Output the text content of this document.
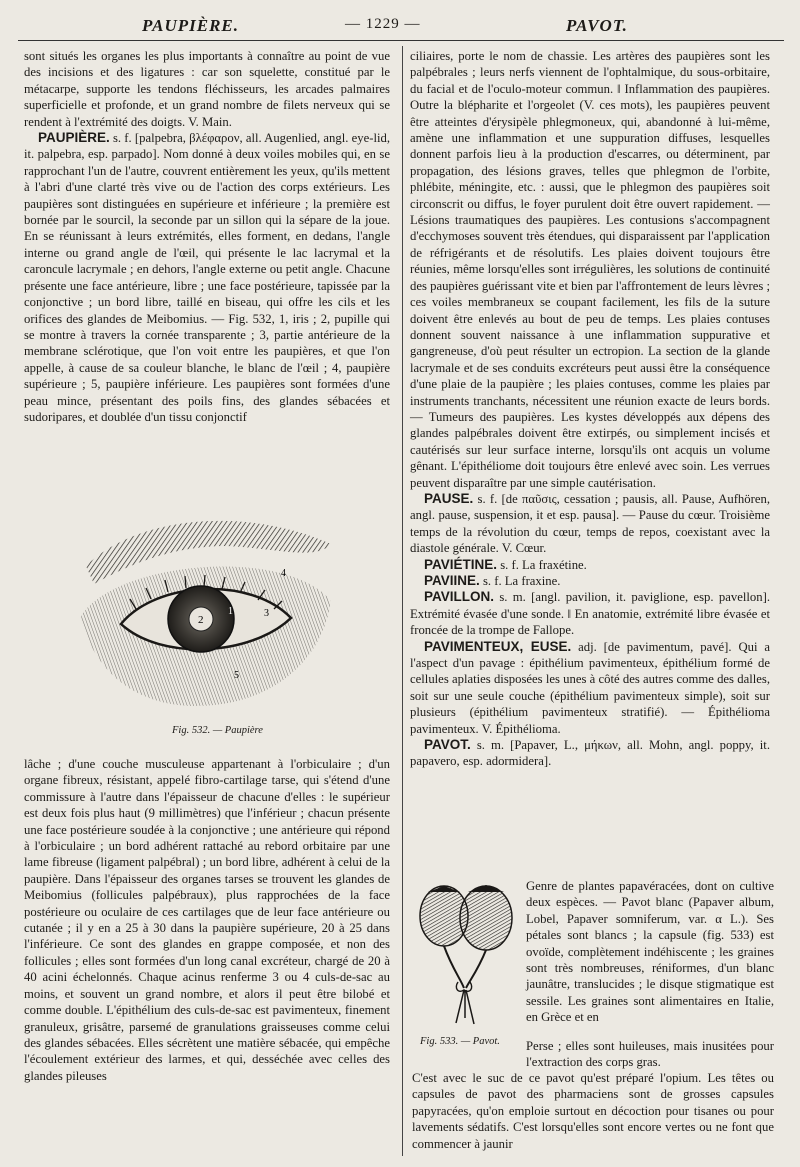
PAUPIÈRE.	— 1229 —	PAVOT.

sont situés les organes les plus importants à connaître au point de vue des incisions et des ligatures : car son squelette, constitué par le métacarpe, supporte les tendons fléchisseurs, les arcades palmaires superficielle et profonde, et un grand nombre de filets nerveux qui se rendent à l'extrémité des doigts. V. Main.

PAUPIÈRE. s. f. [palpebra, βλέφαρον, all. Augenlied, angl. eye-lid, it. palpebra, esp. parpado]. Nom donné à deux voiles mobiles qui, en se rapprochant l'un de l'autre, couvrent entièrement les yeux, qu'ils mettent à l'abri d'une clarté très vive ou de l'action des corps extérieurs. Les paupières sont distinguées en supérieure et inférieure ; la première est bornée par le sourcil, la seconde par un sillon qui la sépare de la joue. En se réunissant à leurs extrémités, elles forment, en dedans, l'angle interne ou grand angle de l'œil, qui présente le lac lacrymal et la caroncule lacrymale ; en dehors, l'angle externe ou petit angle. Chacune présente une face antérieure, libre ; une face postérieure, tapissée par la conjonctive ; un bord libre, taillé en biseau, qui offre les cils et les orifices des glandes de Meibomius. — Fig. 532, 1, iris ; 2, pupille qui se montre à travers la cornée transparente ; 3, partie antérieure de la membrane sclérotique, que l'on voit entre les paupières, et que l'on appelle, à cause de sa couleur blanche, le blanc de l'œil ; 4, paupière supérieure ; 5, paupière inférieure. Les paupières sont formées d'une peau mince, présentant des poils fins, des glandes sébacées et sudoripares, et doublée d'un tissu conjonctif

2
1	3
4
5
Fig. 532. — Paupière

lâche ; d'une couche musculeuse appartenant à l'orbiculaire ; d'un organe fibreux, résistant, appelé fibro-cartilage tarse, qui s'étend d'une commissure à l'autre dans l'épaisseur de chacune d'elles : le supérieur est deux fois plus haut (9 millimètres) que l'inférieur ; chacun présente une face postérieure soudée à la conjonctive ; une antérieure qui répond à l'orbiculaire ; un bord adhérent rattaché au rebord orbitaire par une lame fibreuse (ligament palpébral) ; un bord libre, adhérent à celui de la paupière. Dans l'épaisseur des organes tarses se trouvent les glandes de Meibomius (follicules palpébraux), plus rapprochées de la face postérieure ou oculaire de ces cartilages que de leur face antérieure ou cutanée ; il y en a 25 à 30 dans la paupière supérieure, 20 à 25 dans l'inférieure. Ce sont des glandes en grappe composée, et non des follicules ; elles sont formées d'un long canal excréteur, chargé de 20 à 40 acini échelonnés. Chaque acinus renferme 3 ou 4 culs-de-sac au moins, et souvent un grand nombre, et alors il peut être bilobé et comme double. L'épithélium des culs-de-sac est pavimenteux, finement granuleux, grisâtre, parsemé de granulations graisseuses comme celui des glandes sébacées. Elles sécrètent une matière sébacée, qui empêche l'écoulement extérieur des larmes, et qui, desséchée avec celles des glandes pileuses

ciliaires, porte le nom de chassie. Les artères des paupières sont les palpébrales ; leurs nerfs viennent de l'ophtalmique, du sous-orbitaire, du facial et de l'oculo-moteur commun. ‖ Inflammation des paupières. Outre la blépharite et l'orgeolet (V. ces mots), les paupières peuvent être atteintes d'érysipèle phlegmoneux, qui, abandonné à lui-même, amène une inflammation et une suppuration diffuses, lesquelles donnent parfois lieu à la production d'escarres, ou déterminent, par propagation, des lésions graves, telles que phlegmon de l'orbite, phlébite, méningite, etc. : aussi, que le phlegmon des paupières soit circonscrit ou diffus, le foyer purulent doit être ouvert rapidement. — Lésions traumatiques des paupières. Les contusions s'accompagnent d'ecchymoses souvent très étendues, qui disparaissent par l'application de réfrigérants et de résolutifs. Les plaies doivent toujours être réunies, même lorsqu'elles sont irrégulières, les solutions de continuité des paupières guérissant vite et bien par l'affrontement de leurs lèvres ; ces voiles membraneux se coupant facilement, les fils de la suture doivent être enlevés au bout de peu de temps. Les plaies contuses donnent souvent naissance à une inflammation suppurative et gangreneuse, d'où peut résulter un ectropion. La section de la glande lacrymale et de ses conduits excréteurs peut aussi être la conséquence d'une plaie de la paupière ; les plaies contuses, comme les plaies par instruments tranchants, nécessitent une réunion exacte de leurs bords. — Tumeurs des paupières. Les kystes développés aux dépens des glandes palpébrales doivent être extirpés, ou simplement incisés et cautérisés sur leur surface interne, lorsqu'ils ont acquis un volume gênant. L'épithéliome doit toujours être enlevé avec soin. Les verrues peuvent disparaître par une simple cautérisation.

PAUSE. s. f. [de παῦσις, cessation ; pausis, all. Pause, Aufhören, angl. pause, suspension, it et esp. pausa]. — Pause du cœur. Troisième temps de la révolution du cœur, temps de repos, coexistant avec la diastole générale. V. Cœur.

PAVIÉTINE. s. f. La fraxétine.

PAVIINE. s. f. La fraxine.

PAVILLON. s. m. [angl. pavilion, it. paviglione, esp. pavellon]. Extrémité évasée d'une sonde. ‖ En anatomie, extrémité libre évasée et froncée de la trompe de Fallope.

PAVIMENTEUX, EUSE. adj. [de pavimentum, pavé]. Qui a l'aspect d'un pavage : épithélium pavimenteux, épithélium formé de cellules aplaties disposées les unes à côté des autres comme des dalles, soit sur une seule couche (épithélium pavimenteux simple), soit sur plusieurs (épithélium pavimenteux stratifié). — Épithélioma pavimenteux. V. Épithélioma.

PAVOT. s. m. [Papaver, L., μήκων, all. Mohn, angl. poppy, it. papavero, esp. adormidera].

Genre de plantes papavéracées, dont on cultive deux espèces. — Pavot blanc (Papaver album, Lobel, Papaver somniferum, var. α L.). Ses pétales sont blancs ; la capsule (fig. 533) est ovoïde, complètement indéhiscente ; les graines sont très nombreuses, réniformes, d'un blanc jaunâtre, translucides ; le disque stigmatique est sessile. Les graines sont alimentaires en Italie, en Grèce et en
Fig. 533. — Pavot. Perse ; elles sont huileuses, mais inusitées pour l'extraction des corps gras.
C'est avec le suc de ce pavot qu'est préparé l'opium. Les têtes ou capsules de pavot des pharmaciens sont de grosses capsules papyracées, qu'on emploie surtout en décoction pour tisanes ou pour lavements sédatifs. C'est lorsqu'elles sont encore vertes ou ne font que commencer à jaunir
